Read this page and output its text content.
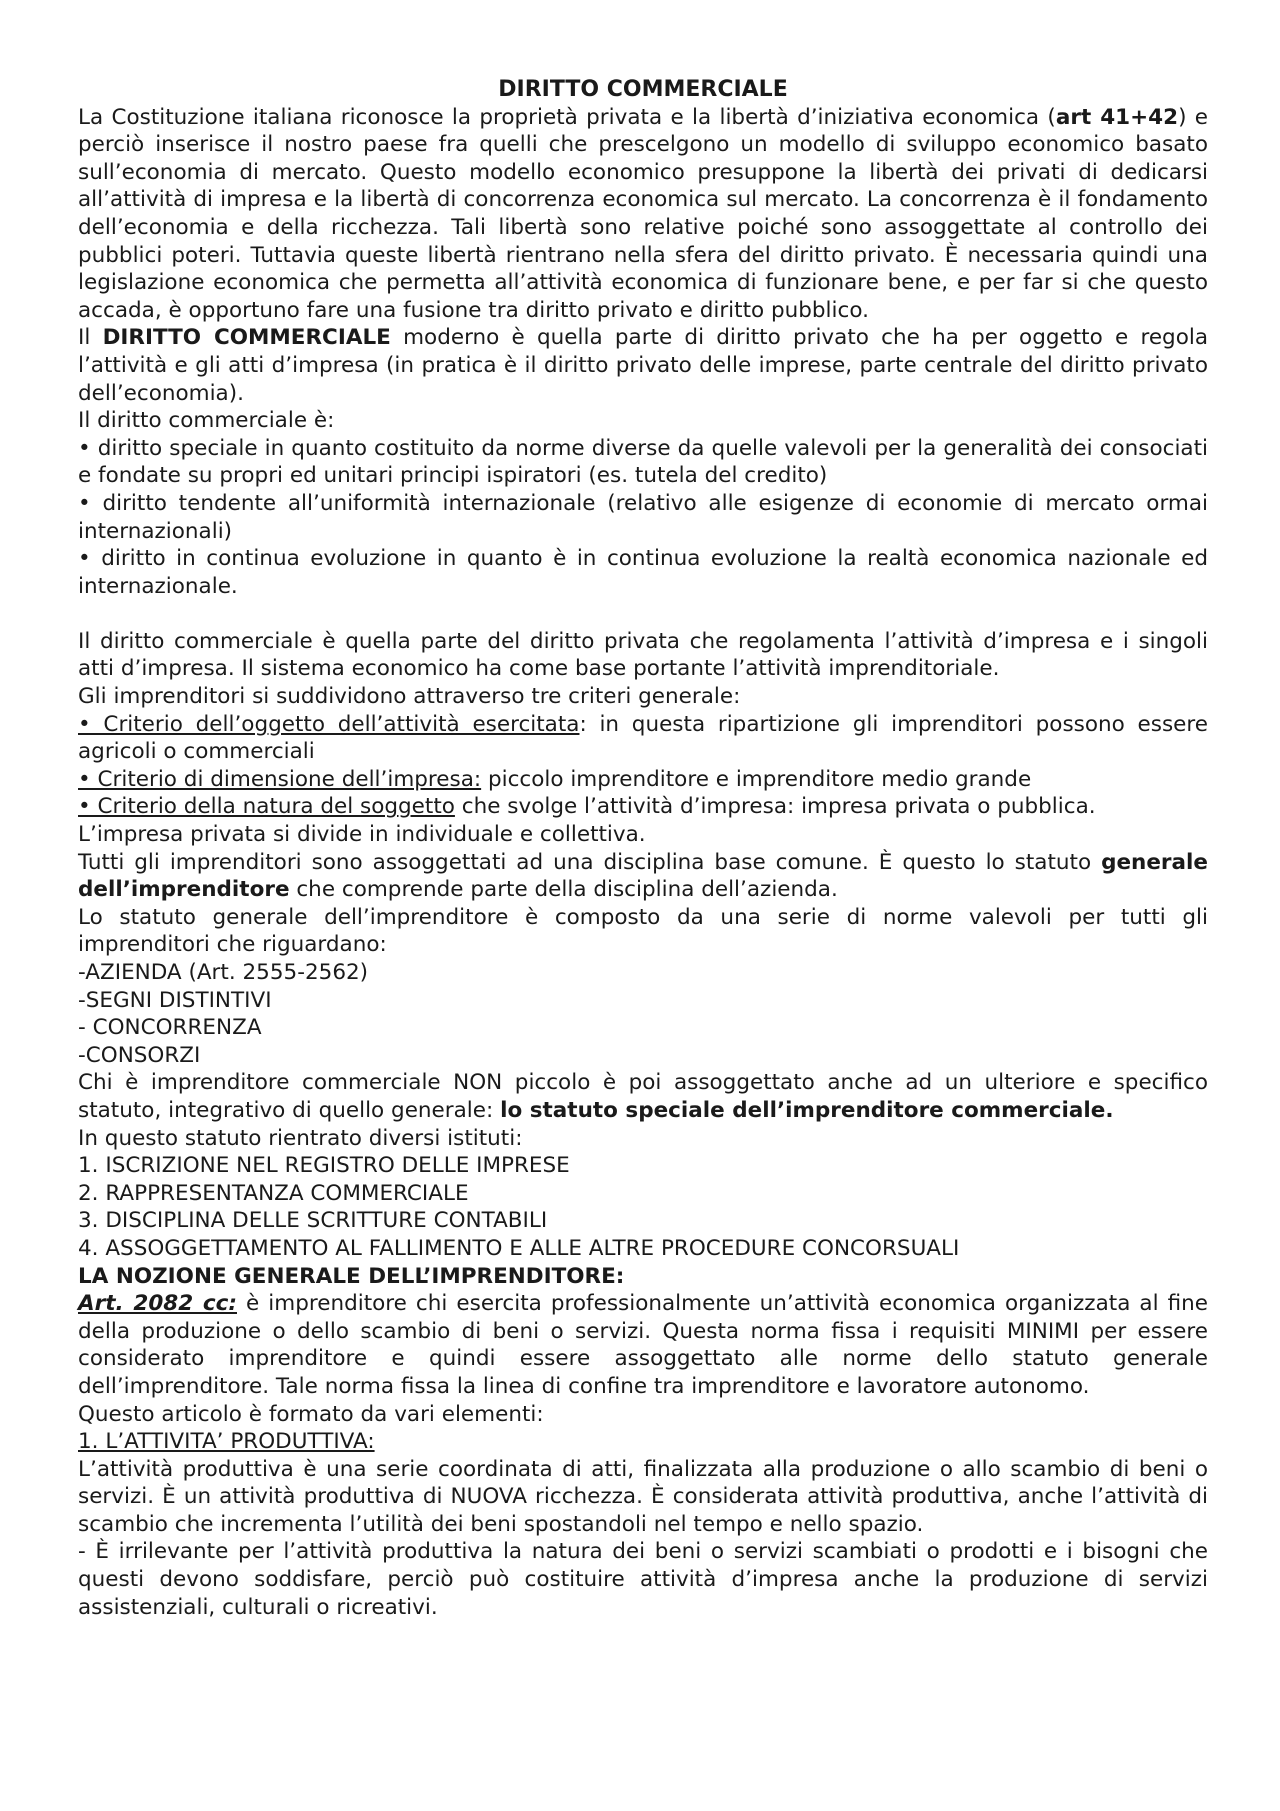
DIRITTO COMMERCIALE

La Costituzione italiana riconosce la proprietà privata e la libertà d’iniziativa economica (art 41+42) e perciò inserisce il nostro paese fra quelli che prescelgono un modello di sviluppo economico basato sull’economia di mercato. Questo modello economico presuppone la libertà dei privati di dedicarsi all’attività di impresa e la libertà di concorrenza economica sul mercato. La concorrenza è il fondamento dell’economia e della ricchezza. Tali libertà sono relative poiché sono assoggettate al controllo dei pubblici poteri. Tuttavia queste libertà rientrano nella sfera del diritto privato. È necessaria quindi una legislazione economica che permetta all’attività economica di funzionare bene, e per far si che questo accada, è opportuno fare una fusione tra diritto privato e diritto pubblico.

Il DIRITTO COMMERCIALE moderno è quella parte di diritto privato che ha per oggetto e regola l’attività e gli atti d’impresa (in pratica è il diritto privato delle imprese, parte centrale del diritto privato dell’economia).

Il diritto commerciale è:

• diritto speciale in quanto costituito da norme diverse da quelle valevoli per la generalità dei consociati e fondate su propri ed unitari principi ispiratori (es. tutela del credito)

• diritto tendente all’uniformità internazionale (relativo alle esigenze di economie di mercato ormai internazionali)

• diritto in continua evoluzione in quanto è in continua evoluzione la realtà economica nazionale ed internazionale.

Il diritto commerciale è quella parte del diritto privata che regolamenta l’attività d’impresa e i singoli atti d’impresa. Il sistema economico ha come base portante l’attività imprenditoriale.

Gli imprenditori si suddividono attraverso tre criteri generale:

• Criterio dell’oggetto dell’attività esercitata: in questa ripartizione gli imprenditori possono essere agricoli o commerciali

• Criterio di dimensione dell’impresa: piccolo imprenditore e imprenditore medio grande

• Criterio della natura del soggetto che svolge l’attività d’impresa: impresa privata o pubblica.

L’impresa privata si divide in individuale e collettiva.

Tutti gli imprenditori sono assoggettati ad una disciplina base comune. È questo lo statuto generale dell’imprenditore che comprende parte della disciplina dell’azienda.

Lo statuto generale dell’imprenditore è composto da una serie di norme valevoli per tutti gli imprenditori che riguardano:

-AZIENDA (Art. 2555-2562)

-SEGNI DISTINTIVI

- CONCORRENZA

-CONSORZI

Chi è imprenditore commerciale NON piccolo è poi assoggettato anche ad un ulteriore e specifico statuto, integrativo di quello generale: lo statuto speciale dell’imprenditore commerciale.

In questo statuto rientrato diversi istituti:

1. ISCRIZIONE NEL REGISTRO DELLE IMPRESE

2. RAPPRESENTANZA COMMERCIALE

3. DISCIPLINA DELLE SCRITTURE CONTABILI

4. ASSOGGETTAMENTO AL FALLIMENTO E ALLE ALTRE PROCEDURE CONCORSUALI

LA NOZIONE GENERALE DELL’IMPRENDITORE:

Art. 2082 cc: è imprenditore chi esercita professionalmente un’attività economica organizzata al fine della produzione o dello scambio di beni o servizi. Questa norma fissa i requisiti MINIMI per essere considerato imprenditore e quindi essere assoggettato alle norme dello statuto generale dell’imprenditore. Tale norma fissa la linea di confine tra imprenditore e lavoratore autonomo.

Questo articolo è formato da vari elementi:

1. L’ATTIVITA’ PRODUTTIVA:

L’attività produttiva è una serie coordinata di atti, finalizzata alla produzione o allo scambio di beni o servizi. È un attività produttiva di NUOVA ricchezza. È considerata attività produttiva, anche l’attività di scambio che incrementa l’utilità dei beni spostandoli nel tempo e nello spazio.

- È irrilevante per l’attività produttiva la natura dei beni o servizi scambiati o prodotti e i bisogni che questi devono soddisfare, perciò può costituire attività d’impresa anche la produzione di servizi assistenziali, culturali o ricreativi.
